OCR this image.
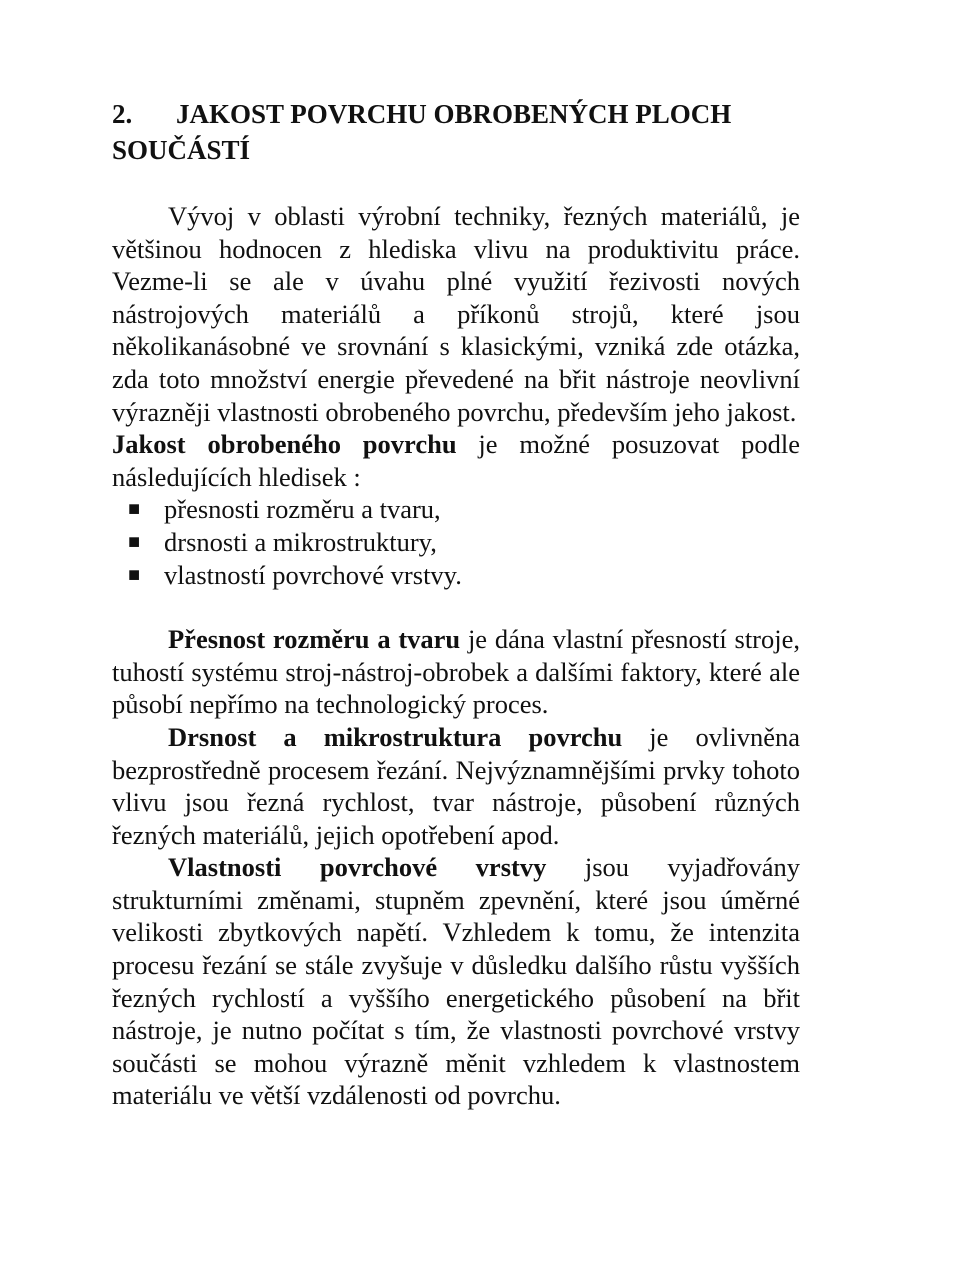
2. JAKOST POVRCHU OBROBENÝCH PLOCH
SOUČÁSTÍ

Vývoj v oblasti výrobní techniky, řezných materiálů, je většinou hodnocen z hlediska vlivu na produktivitu práce. Vezme-li se ale v úvahu plné využití řezivosti nových nástrojových materiálů a příkonů strojů, které jsou několikanásobné ve srovnání s klasickými, vzniká zde otázka, zda toto množství energie převedené na břit nástroje neovlivní výrazněji vlastnosti obrobeného povrchu, především jeho jakost.

Jakost obrobeného povrchu je možné posuzovat podle následujících hledisek :

■ přesnosti rozměru a tvaru,
■ drsnosti a mikrostruktury,
■ vlastností povrchové vrstvy.

Přesnost rozměru a tvaru je dána vlastní přesností stroje, tuhostí systému stroj-nástroj-obrobek a dalšími faktory, které ale působí nepřímo na technologický proces.

Drsnost a mikrostruktura povrchu je ovlivněna bezprostředně procesem řezání. Nejvýznamnějšími prvky tohoto vlivu jsou řezná rychlost, tvar nástroje, působení různých řezných materiálů, jejich opotřebení apod.

Vlastnosti povrchové vrstvy jsou vyjadřovány strukturními změnami, stupněm zpevnění, které jsou úměrné velikosti zbytkových napětí. Vzhledem k tomu, že intenzita procesu řezání se stále zvyšuje v důsledku dalšího růstu vyšších řezných rychlostí a vyššího energetického působení na břit nástroje, je nutno počítat s tím, že vlastnosti povrchové vrstvy součásti se mohou výrazně měnit vzhledem k vlastnostem materiálu ve větší vzdálenosti od povrchu.
